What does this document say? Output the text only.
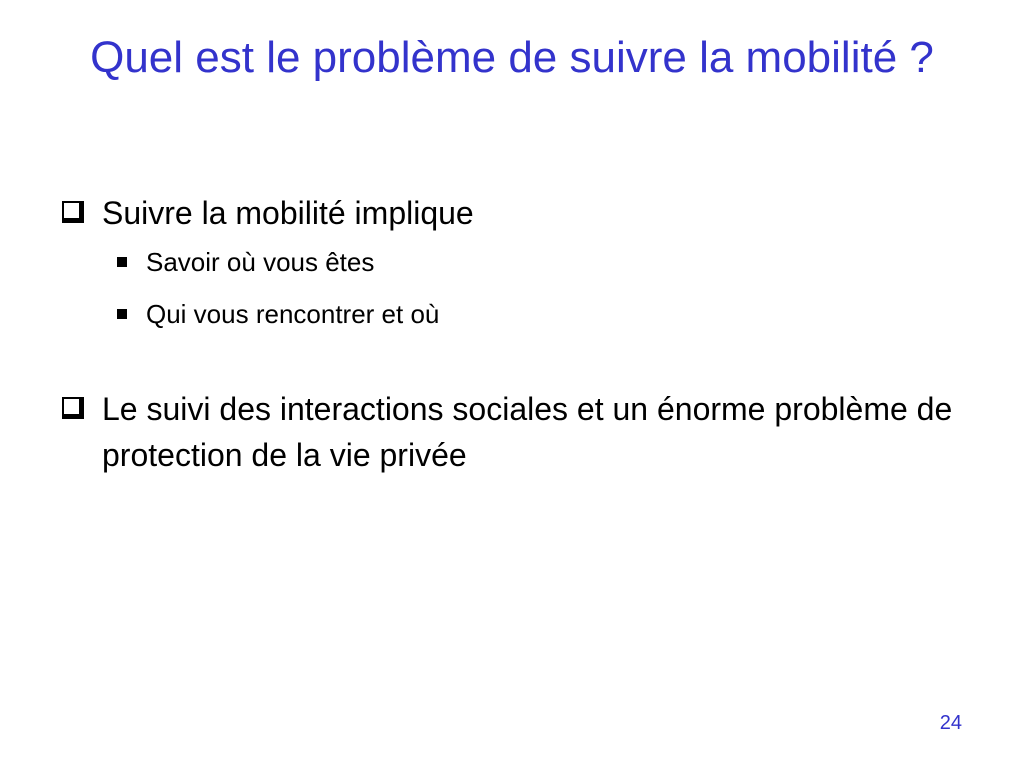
Quel est le problème de suivre la mobilité ?
Suivre la mobilité implique
Savoir où vous êtes
Qui vous rencontrer et où
Le suivi des interactions sociales et un énorme problème de protection de la vie privée
24
